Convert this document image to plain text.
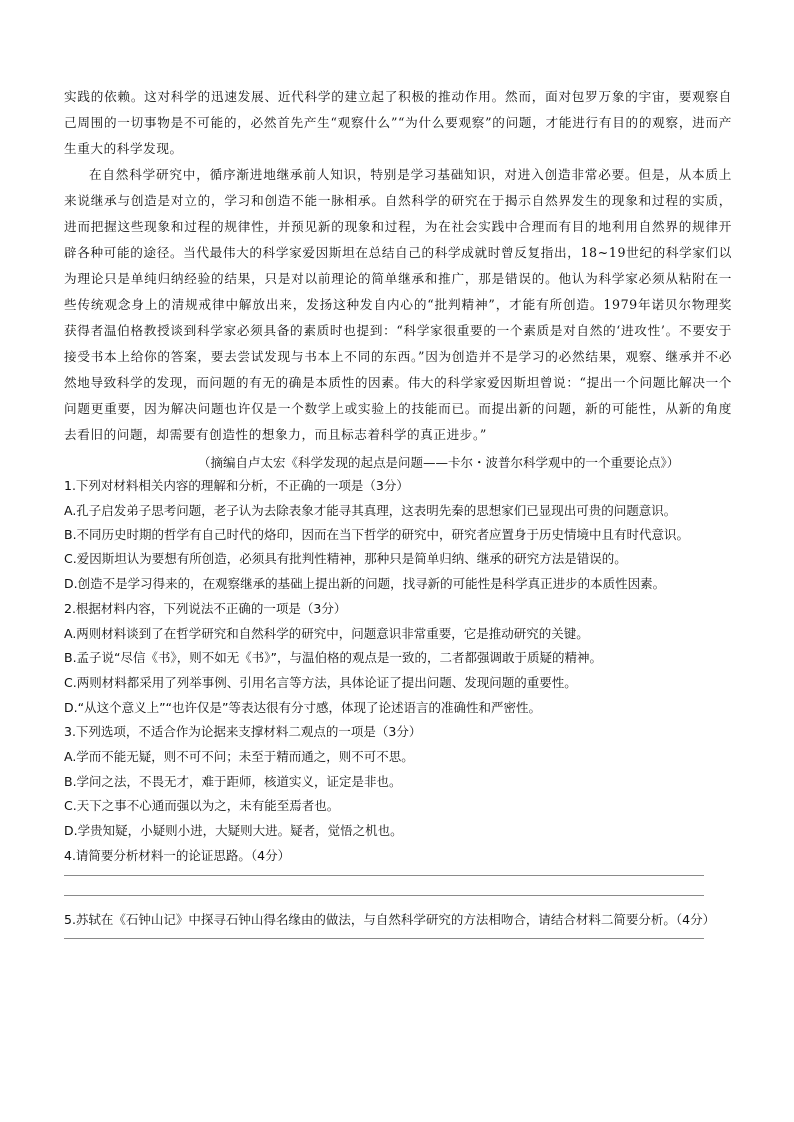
实践的依赖。这对科学的迅速发展、近代科学的建立起了积极的推动作用。然而，面对包罗万象的宇宙，要观察自己周围的一切事物是不可能的，必然首先产生“观察什么”“为什么要观察”的问题，才能进行有目的的观察，进而产生重大的科学发现。

在自然科学研究中，循序渐进地继承前人知识，特别是学习基础知识，对进入创造非常必要。但是，从本质上来说继承与创造是对立的，学习和创造不能一脉相承。自然科学的研究在于揭示自然界发生的现象和过程的实质，进而把握这些现象和过程的规律性，并预见新的现象和过程，为在社会实践中合理而有目的地利用自然界的规律开辟各种可能的途径。当代最伟大的科学家爱因斯坦在总结自己的科学成就时曾反复指出，18~19世纪的科学家们以为理论只是单纯归纳经验的结果，只是对以前理论的简单继承和推广，那是错误的。他认为科学家必须从粘附在一些传统观念身上的清规戒律中解放出来，发扬这种发自内心的“批判精神”，才能有所创造。1979年诺贝尔物理奖获得者温伯格教授谈到科学家必须具备的素质时也提到：“科学家很重要的一个素质是对自然的‘进攻性’。不要安于接受书本上给你的答案，要去尝试发现与书本上不同的东西。”因为创造并不是学习的必然结果，观察、继承并不必然地导致科学的发现，而问题的有无的确是本质性的因素。伟大的科学家爱因斯坦曾说：“提出一个问题比解决一个问题更重要，因为解决问题也许仅是一个数学上或实验上的技能而已。而提出新的问题，新的可能性，从新的角度去看旧的问题，却需要有创造性的想象力，而且标志着科学的真正进步。”

（摘编自卢太宏《科学发现的起点是问题——卡尔・波普尔科学观中的一个重要论点》）

1.下列对材料相关内容的理解和分析，不正确的一项是（3分）

A.孔子启发弟子思考问题，老子认为去除表象才能寻其真理，这表明先秦的思想家们已显现出可贵的问题意识。

B.不同历史时期的哲学有自己时代的烙印，因而在当下哲学的研究中，研究者应置身于历史情境中且有时代意识。

C.爱因斯坦认为要想有所创造，必须具有批判性精神，那种只是简单归纳、继承的研究方法是错误的。

D.创造不是学习得来的，在观察继承的基础上提出新的问题，找寻新的可能性是科学真正进步的本质性因素。

2.根据材料内容，下列说法不正确的一项是（3分）

A.两则材料谈到了在哲学研究和自然科学的研究中，问题意识非常重要，它是推动研究的关键。

B.孟子说“尽信《书》，则不如无《书》”，与温伯格的观点是一致的，二者都强调敢于质疑的精神。

C.两则材料都采用了列举事例、引用名言等方法，具体论证了提出问题、发现问题的重要性。

D.“从这个意义上”“也许仅是”等表达很有分寸感，体现了论述语言的准确性和严密性。

3.下列选项，不适合作为论据来支撑材料二观点的一项是（3分）

A.学而不能无疑，则不可不问；未至于精而通之，则不可不思。

B.学问之法，不畏无才，难于距师，核道实义，证定是非也。

C.天下之事不心通而强以为之，未有能至焉者也。

D.学贵知疑，小疑则小进，大疑则大进。疑者，觉悟之机也。

4.请简要分析材料一的论证思路。（4分）

5.苏轼在《石钟山记》中探寻石钟山得名缘由的做法，与自然科学研究的方法相吻合，请结合材料二简要分析。（4分）
